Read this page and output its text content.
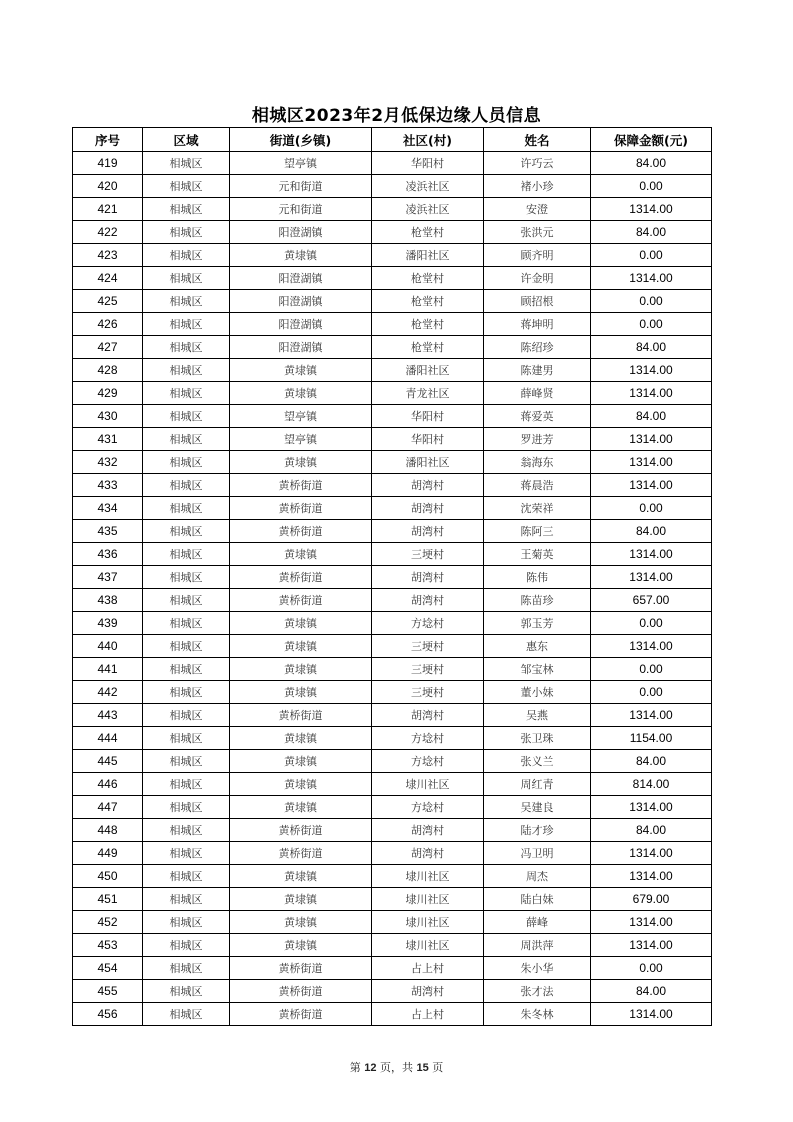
相城区2023年2月低保边缘人员信息
序号	区域	街道(乡镇)	社区(村)	姓名	保障金额(元)
419	相城区	望亭镇	华阳村	许巧云	84.00
420	相城区	元和街道	凌浜社区	褚小珍	0.00
421	相城区	元和街道	凌浜社区	安澄	1314.00
422	相城区	阳澄湖镇	枪堂村	张洪元	84.00
423	相城区	黄埭镇	潘阳社区	顾齐明	0.00
424	相城区	阳澄湖镇	枪堂村	许金明	1314.00
425	相城区	阳澄湖镇	枪堂村	顾招根	0.00
426	相城区	阳澄湖镇	枪堂村	蒋坤明	0.00
427	相城区	阳澄湖镇	枪堂村	陈绍珍	84.00
428	相城区	黄埭镇	潘阳社区	陈建男	1314.00
429	相城区	黄埭镇	青龙社区	薛峰贤	1314.00
430	相城区	望亭镇	华阳村	蒋爱英	84.00
431	相城区	望亭镇	华阳村	罗进芳	1314.00
432	相城区	黄埭镇	潘阳社区	翁海东	1314.00
433	相城区	黄桥街道	胡湾村	蒋晨浩	1314.00
434	相城区	黄桥街道	胡湾村	沈荣祥	0.00
435	相城区	黄桥街道	胡湾村	陈阿三	84.00
436	相城区	黄埭镇	三埂村	王菊英	1314.00
437	相城区	黄桥街道	胡湾村	陈伟	1314.00
438	相城区	黄桥街道	胡湾村	陈苗珍	657.00
439	相城区	黄埭镇	方埝村	郭玉芳	0.00
440	相城区	黄埭镇	三埂村	惠东	1314.00
441	相城区	黄埭镇	三埂村	邹宝林	0.00
442	相城区	黄埭镇	三埂村	董小妹	0.00
443	相城区	黄桥街道	胡湾村	吴燕	1314.00
444	相城区	黄埭镇	方埝村	张卫珠	1154.00
445	相城区	黄埭镇	方埝村	张义兰	84.00
446	相城区	黄埭镇	埭川社区	周红青	814.00
447	相城区	黄埭镇	方埝村	吴建良	1314.00
448	相城区	黄桥街道	胡湾村	陆才珍	84.00
449	相城区	黄桥街道	胡湾村	冯卫明	1314.00
450	相城区	黄埭镇	埭川社区	周杰	1314.00
451	相城区	黄埭镇	埭川社区	陆白妹	679.00
452	相城区	黄埭镇	埭川社区	薛峰	1314.00
453	相城区	黄埭镇	埭川社区	周洪萍	1314.00
454	相城区	黄桥街道	占上村	朱小华	0.00
455	相城区	黄桥街道	胡湾村	张才法	84.00
456	相城区	黄桥街道	占上村	朱冬林	1314.00
第 12 页，共 15 页
